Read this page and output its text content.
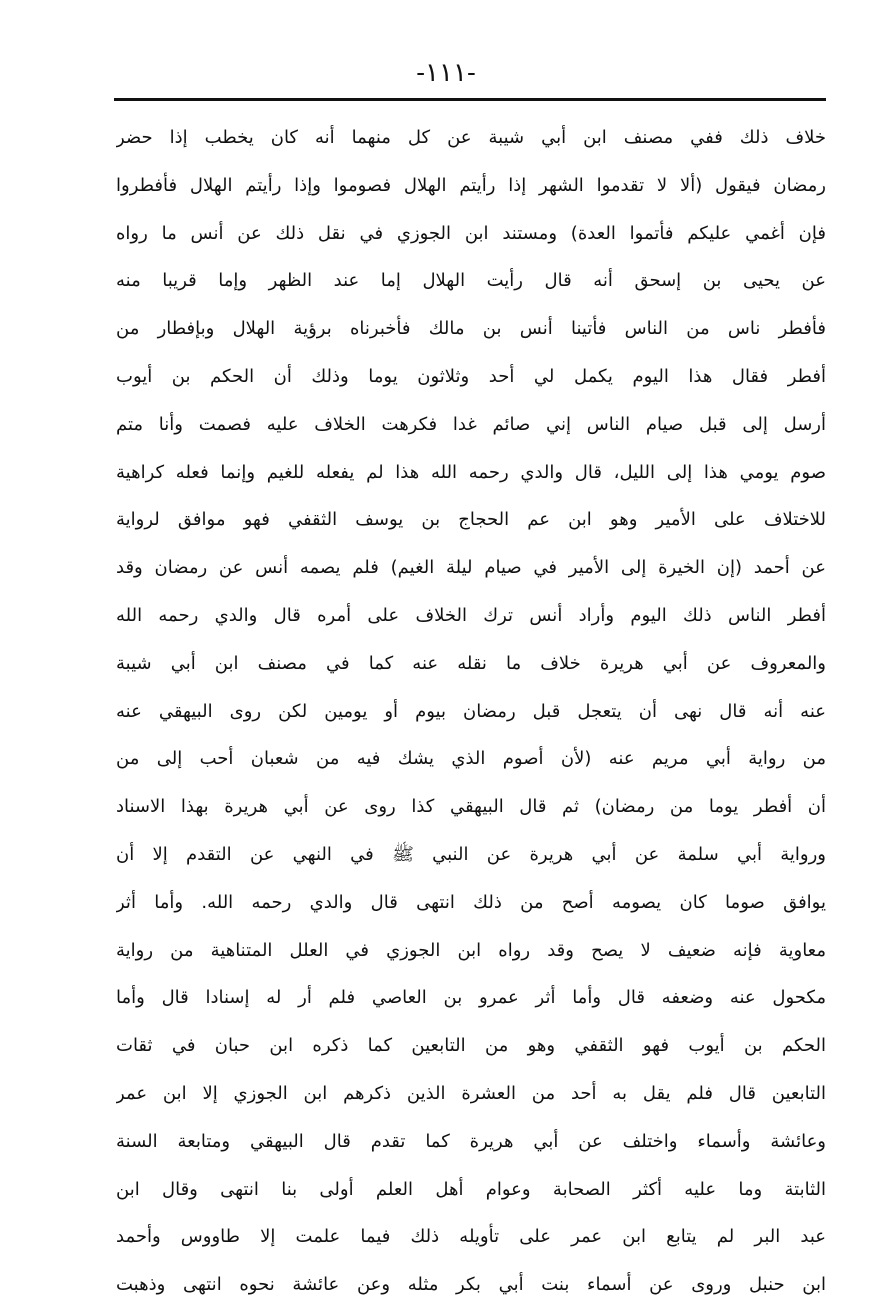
-١١١-
خلاف ذلك ففي مصنف ابن أبي شيبة عن كل منهما أنه كان يخطب إذا حضر
رمضان فيقول (ألا لا تقدموا الشهر إذا رأيتم الهلال فصوموا وإذا رأيتم الهلال فأفطروا
فإن أغمي عليكم فأتموا العدة) ومستند ابن الجوزي في نقل ذلك عن أنس ما رواه
عن يحيى بن إسحق أنه قال رأيت الهلال إما عند الظهر وإما قريبا منه
فأفطر ناس من الناس فأتينا أنس بن مالك فأخبرناه برؤية الهلال وبإفطار من
أفطر فقال هذا اليوم يكمل لي أحد وثلاثون يوما وذلك أن الحكم بن أيوب
أرسل إلى قبل صيام الناس إني صائم غدا فكرهت الخلاف عليه فصمت وأنا متم
صوم يومي هذا إلى الليل، قال والدي رحمه الله هذا لم يفعله للغيم وإنما فعله كراهية
للاختلاف على الأمير وهو ابن عم الحجاج بن يوسف الثقفي فهو موافق لرواية
عن أحمد (إن الخيرة إلى الأمير في صيام ليلة الغيم) فلم يصمه أنس عن رمضان وقد
أفطر الناس ذلك اليوم وأراد أنس ترك الخلاف على أمره قال والدي رحمه الله
والمعروف عن أبي هريرة خلاف ما نقله عنه كما في مصنف ابن أبي شيبة
عنه أنه قال نهى أن يتعجل قبل رمضان بيوم أو يومين لكن روى البيهقي عنه
من رواية أبي مريم عنه (لأن أصوم الذي يشك فيه من شعبان أحب إلى من
أن أفطر يوما من رمضان) ثم قال البيهقي كذا روى عن أبي هريرة بهذا الاسناد
ورواية أبي سلمة عن أبي هريرة عن النبي ﷺ في النهي عن التقدم إلا أن
يوافق صوما كان يصومه أصح من ذلك انتهى قال والدي رحمه الله. وأما أثر
معاوية فإنه ضعيف لا يصح وقد رواه ابن الجوزي في العلل المتناهية من رواية
مكحول عنه وضعفه قال وأما أثر عمرو بن العاصي فلم أر له إسنادا قال وأما
الحكم بن أيوب فهو الثقفي وهو من التابعين كما ذكره ابن حبان في ثقات
التابعين قال فلم يقل به أحد من العشرة الذين ذكرهم ابن الجوزي إلا ابن عمر
وعائشة وأسماء واختلف عن أبي هريرة كما تقدم قال البيهقي ومتابعة السنة
الثابتة وما عليه أكثر الصحابة وعوام أهل العلم أولى بنا انتهى وقال ابن
عبد البر لم يتابع ابن عمر على تأويله ذلك فيما علمت إلا طاووس وأحمد
ابن حنبل وروى عن أسماء بنت أبي بكر مثله وعن عائشة نحوه انتهى وذهبت
